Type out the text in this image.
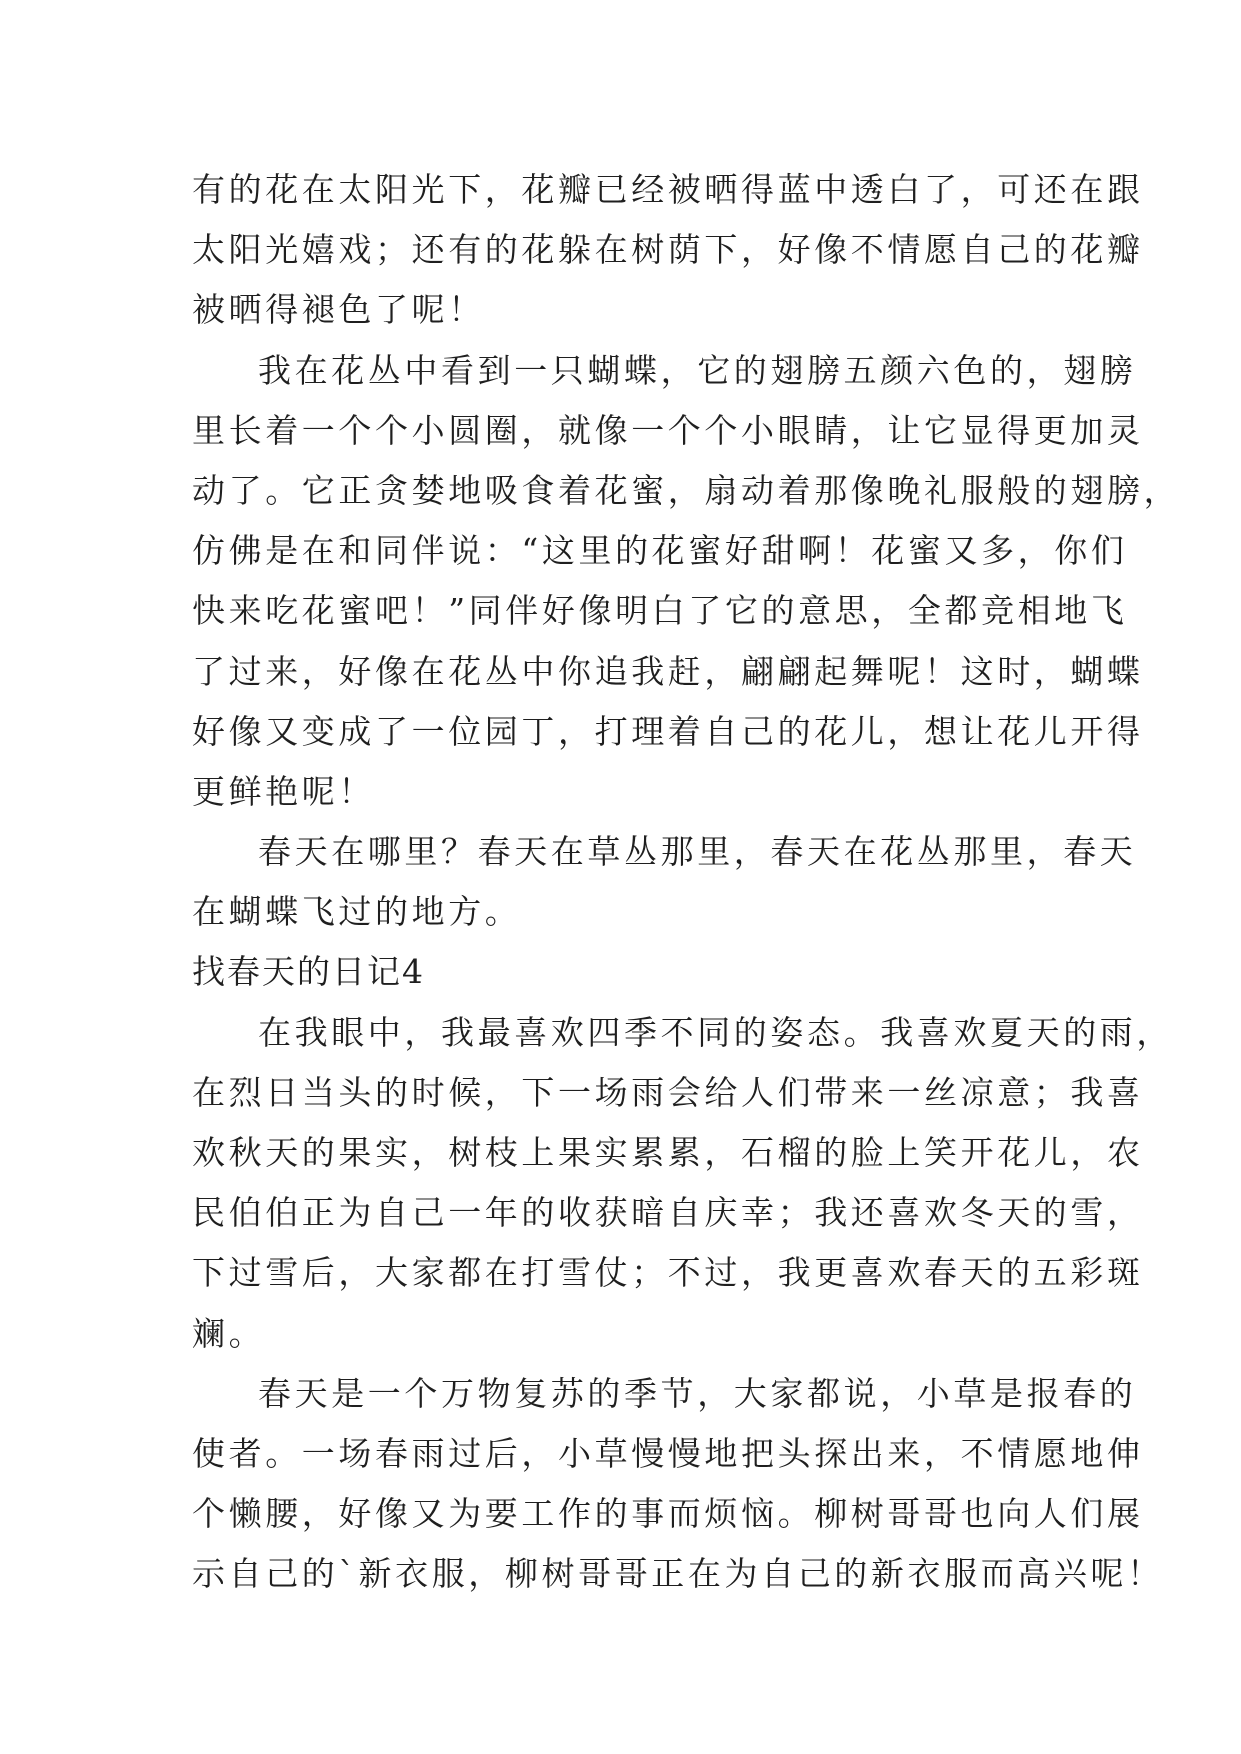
有的花在太阳光下，花瓣已经被晒得蓝中透白了，可还在跟
太阳光嬉戏；还有的花躲在树荫下，好像不情愿自己的花瓣
被晒得褪色了呢！
我在花丛中看到一只蝴蝶，它的翅膀五颜六色的，翅膀
里长着一个个小圆圈，就像一个个小眼睛，让它显得更加灵
动了。它正贪婪地吸食着花蜜，扇动着那像晚礼服般的翅膀，
仿佛是在和同伴说：“这里的花蜜好甜啊！花蜜又多，你们
快来吃花蜜吧！”同伴好像明白了它的意思，全都竞相地飞
了过来，好像在花丛中你追我赶，翩翩起舞呢！这时，蝴蝶
好像又变成了一位园丁，打理着自己的花儿，想让花儿开得
更鲜艳呢！
春天在哪里？春天在草丛那里，春天在花丛那里，春天
在蝴蝶飞过的地方。
找春天的日记4
在我眼中，我最喜欢四季不同的姿态。我喜欢夏天的雨，
在烈日当头的时候，下一场雨会给人们带来一丝凉意；我喜
欢秋天的果实，树枝上果实累累，石榴的脸上笑开花儿，农
民伯伯正为自己一年的收获暗自庆幸；我还喜欢冬天的雪，
下过雪后，大家都在打雪仗；不过，我更喜欢春天的五彩斑
斓。
春天是一个万物复苏的季节，大家都说，小草是报春的
使者。一场春雨过后，小草慢慢地把头探出来，不情愿地伸
个懒腰，好像又为要工作的事而烦恼。柳树哥哥也向人们展
示自己的`新衣服，柳树哥哥正在为自己的新衣服而高兴呢！
